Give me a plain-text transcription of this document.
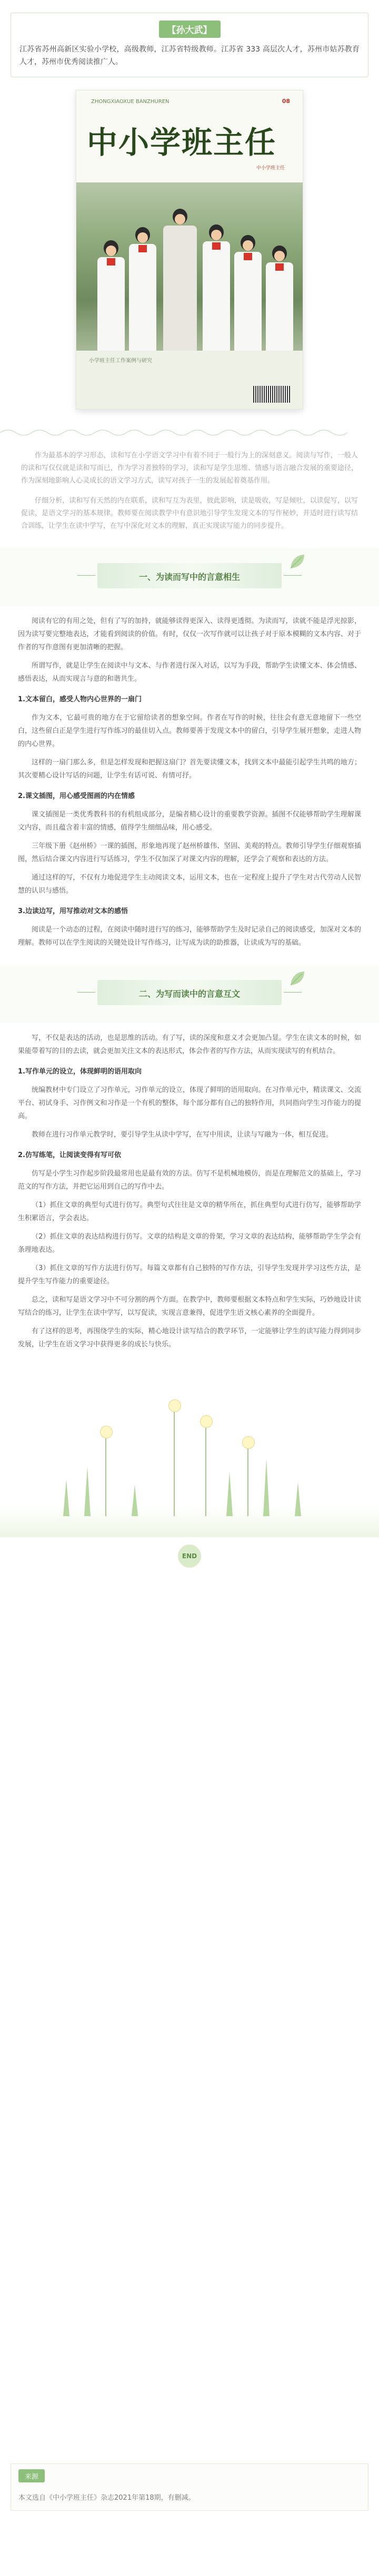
【孙大武】
江苏省苏州高新区实验小学校，高级教师，江苏省特级教师。江苏省 333 高层次人才，苏州市姑苏教育人才，苏州市优秀阅读推广人。
ZHONGXIAOXUE BANZHUREN	08
中小学班主任
中小学班主任
小学班主任工作案例与研究

作为最基本的学习形态，读和写在小学语文学习中有着不同于一般行为上的深刻意义。阅读与写作，一般人的读和写仅仅就是读和写而已，作为学习者独特的学习，读和写是学生思维、情感与语言融合发展的重要途径，作为深刻地影响人心灵成长的语文学习方式，读写对孩子一生的发展起着奠基作用。

仔细分析，读和写有天然的内在联系，读和写互为表里，彼此影响，读是吸收，写是倾吐，以读促写，以写促读，是语文学习的基本规律。教师要在阅读教学中有意识地引导学生发现文本的写作秘妙，并适时进行读写结合训练，让学生在读中学写，在写中深化对文本的理解，真正实现读写能力的同步提升。

一、为读而写中的言意相生

阅读有它的有用之处，但有了写的加持，就能够读得更深入、读得更透彻。为读而写，读就不能是浮光掠影，因为读写要完整地表达，才能看到阅读的价值。有时，仅仅一次写作就可以让孩子对于原本模糊的文本内容、对于作者的写作意图有更加清晰的把握。

所谓写作，就是让学生在阅读中与文本、与作者进行深入对话，以写为手段，帮助学生读懂文本、体会情感、感悟表达，从而实现言与意的和谐共生。

1.文本留白，感受人物内心世界的一扇门

作为文本，它最可贵的地方在于它留给读者的想象空间。作者在写作的时候，往往会有意无意地留下一些空白，这些留白正是学生进行写作练习的最佳切入点。教师要善于发现文本中的留白，引导学生展开想象，走进人物的内心世界。

这样的一扇门那么多，但是怎样发现和把握这扇门？首先要读懂文本，找到文本中最能引起学生共鸣的地方；其次要精心设计写话的问题，让学生有话可说、有情可抒。

2.课文插图，用心感受图画的内在情感

课文插图是一类优秀教科书的有机组成部分，是编者精心设计的重要教学资源。插图不仅能够帮助学生理解课文内容，而且蕴含着丰富的情感，值得学生细细品味，用心感受。

三年级下册《赵州桥》一课的插图，形象地再现了赵州桥雄伟、坚固、美观的特点。教师引导学生仔细观察插图，然后结合课文内容进行写话练习，学生不仅加深了对课文内容的理解，还学会了观察和表达的方法。

通过这样的写，不仅有力地促进学生主动阅读文本，运用文本，也在一定程度上提升了学生对古代劳动人民智慧的认识与感悟。

3.边读边写，用写推动对文本的感悟

阅读是一个动态的过程，在阅读中随时进行写的练习，能够帮助学生及时记录自己的阅读感受，加深对文本的理解。教师可以在学生阅读的关键处设计写作练习，让写成为读的助推器，让读成为写的基础。

二、为写而读中的言意互文

写，不仅是表达的活动，也是思维的活动。有了写，读的深度和意义才会更加凸显。学生在读文本的时候，如果能带着写的目的去读，就会更加关注文本的表达形式，体会作者的写作方法，从而实现读写的有机结合。

1.写作单元的设立，体现鲜明的语用取向

统编教材中专门设立了习作单元，习作单元的设立，体现了鲜明的语用取向。在习作单元中，精读课文、交流平台、初试身手、习作例文和习作是一个有机的整体，每个部分都有自己的独特作用，共同指向学生习作能力的提高。

教师在进行习作单元教学时，要引导学生从读中学写，在写中用读，让读与写融为一体，相互促进。

2.仿写练笔，让阅读变得有写可依

仿写是小学生习作起步阶段最常用也是最有效的方法。仿写不是机械地模仿，而是在理解范文的基础上，学习范文的写作方法，并把它运用到自己的写作中去。

（1）抓住文章的典型句式进行仿写。典型句式往往是文章的精华所在，抓住典型句式进行仿写，能够帮助学生积累语言，学会表达。

（2）抓住文章的表达结构进行仿写。文章的结构是文章的骨架，学习文章的表达结构，能够帮助学生学会有条理地表达。

（3）抓住文章的写作方法进行仿写。每篇文章都有自己独特的写作方法，引导学生发现并学习这些方法，是提升学生写作能力的重要途径。

总之，读和写是语文学习中不可分割的两个方面。在教学中，教师要根据文本特点和学生实际，巧妙地设计读写结合的练习，让学生在读中学写，以写促读，实现言意兼得，促进学生语文核心素养的全面提升。

有了这样的思考，再围绕学生的实际，精心地设计读写结合的教学环节，一定能够让学生的读写能力得到同步发展，让学生在语文学习中获得更多的成长与快乐。

END
来源
本文选自《中小学班主任》杂志2021年第18期，有删减。
